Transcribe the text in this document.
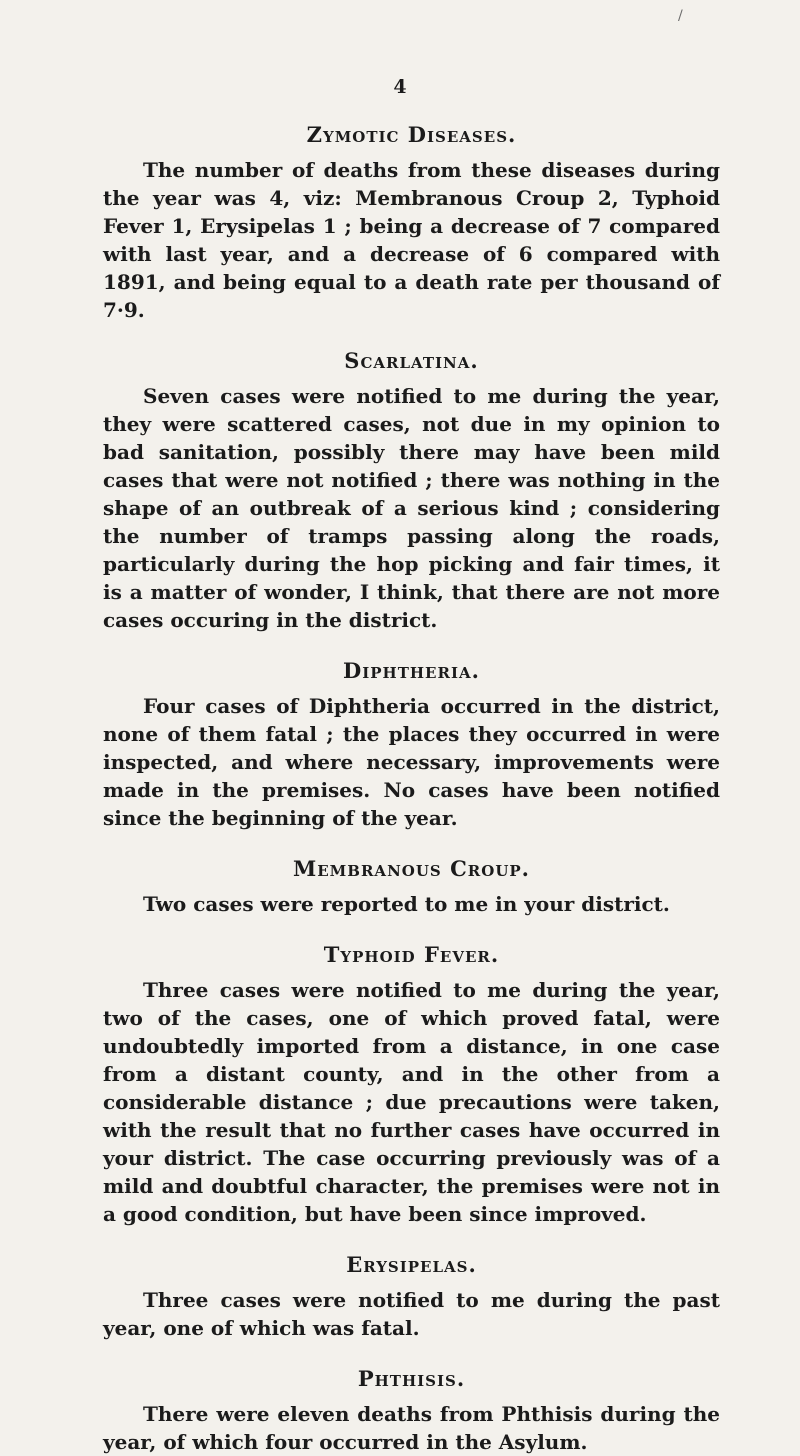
/
4
Zymotic Diseases.

The number of deaths from these diseases during the year was 4, viz: Membranous Croup 2, Typhoid Fever 1, Erysipelas 1 ; being a decrease of 7 compared with last year, and a decrease of 6 compared with 1891, and being equal to a death rate per thousand of 7·9.

Scarlatina.

Seven cases were notified to me during the year, they were scattered cases, not due in my opinion to bad sanitation, possibly there may have been mild cases that were not notified ; there was nothing in the shape of an outbreak of a serious kind ; considering the number of tramps passing along the roads, particularly during the hop picking and fair times, it is a matter of wonder, I think, that there are not more cases occuring in the district.

Diphtheria.

Four cases of Diphtheria occurred in the district, none of them fatal ; the places they occurred in were inspected, and where necessary, improvements were made in the premises. No cases have been notified since the beginning of the year.

Membranous Croup.

Two cases were reported to me in your district.

Typhoid Fever.

Three cases were notified to me during the year, two of the cases, one of which proved fatal, were undoubtedly imported from a distance, in one case from a distant county, and in the other from a considerable distance ; due precautions were taken, with the result that no further cases have occurred in your district. The case occurring previously was of a mild and doubtful character, the premises were not in a good condition, but have been since improved.

Erysipelas.

Three cases were notified to me during the past year, one of which was fatal.

Phthisis.

There were eleven deaths from Phthisis during the year, of which four occurred in the Asylum.
